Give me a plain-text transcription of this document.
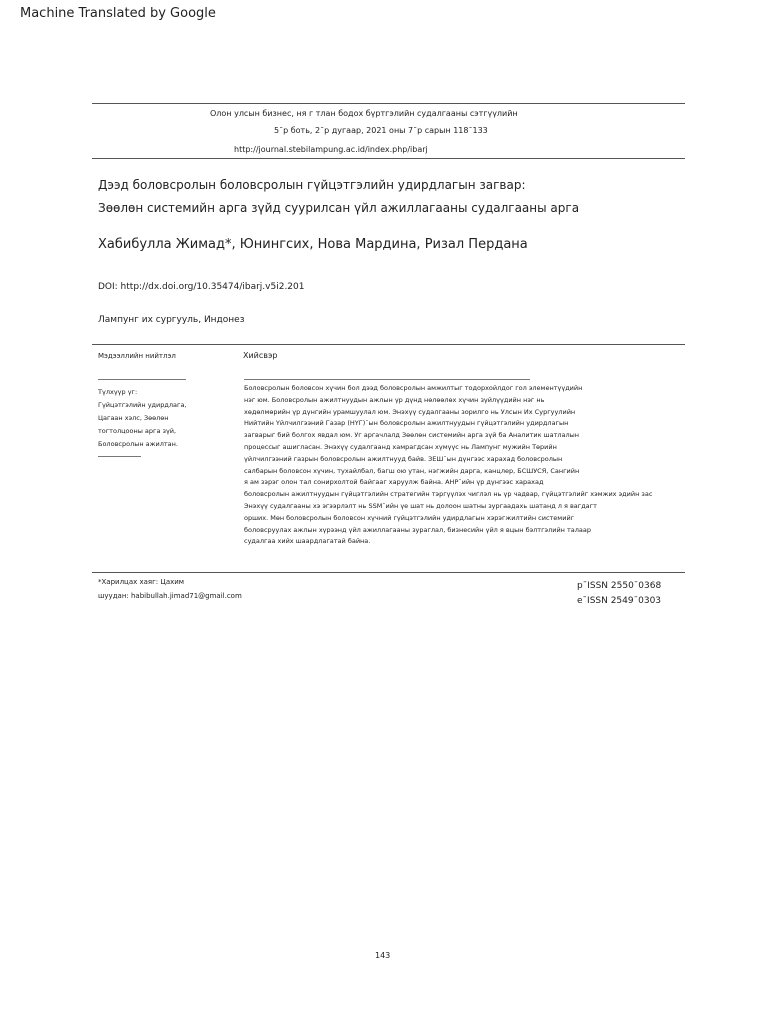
Machine Translated by Google
Олон улсын бизнес, ня г тлан бодох бүртгэлийн судалгааны сэтгүүлийн
5¯р боть, 2¯р дугаар, 2021 оны 7¯р сарын 118¯133
http://journal.stebilampung.ac.id/index.php/ibarj
Дээд боловсролын боловсролын гүйцэтгэлийн удирдлагын загвар:
Зөөлөн системийн арга зүйд суурилсан үйл ажиллагааны судалгааны арга
Хабибулла Жимад*, Юнингсих, Нова Мардина, Ризал Пердана
DOI: http://dx.doi.org/10.35474/ibarj.v5i2.201
Лампунг их сургууль, Индонез
Мэдээллийн нийтлэл	Хийсвэр
Түлхүүр үг:
Гүйцэтгэлийн удирдлага,
Цагаан хэлс, Зөөлөн
тогтолцооны арга зүй,
Боловсролын ажилтан.
Боловсролын боловсон хүчин бол дээд боловсролын амжилтыг тодорхойлдог гол элементүүдийн
нэг юм. Боловсролын ажилтнуудын ажлын үр дүнд нөлөөлөх хүчин зүйлүүдийн нэг нь
хөдөлмөрийн үр дүнгийн урамшуулал юм. Энэхүү судалгааны зорилго нь Улсын Их Сургуулийн
Нийтийн Үйлчилгээний Газар (НҮГ)¯ын боловсролын ажилтнуудын гүйцэтгэлийн удирдлагын
загварыг бий болгох явдал юм. Уг аргачлалд Зөөлөн системийн арга зүй ба Аналитик шатлалын
процессыг ашигласан. Энэхүү судалгаанд хамрагдсан хүмүүс нь Лампунг мужийн Төрийн
үйлчилгээний газрын боловсролын ажилтнууд байв. ЗЕШ¯ын дүнгээс харахад боловсролын
салбарын боловсон хүчин, тухайлбал, багш ою утан, нэгжийн дарга, канцлер, БСШУСЯ, Сангийн
я ам зэрэг олон тал сонирхолтой байгааг харуулж байна. AHP¯ийн үр дүнгээс харахад
боловсролын ажилтнуудын гүйцэтгэлийн стратегийн тэргүүлэх чиглэл нь үр чадвар, гүйцэтгэлийг хэмжих эдийн зас
Энэхүү судалгааны хэ эгээрлэлт нь SSM¯ийн үе шат нь долоон шатны зургаадахь шатанд л я вагдагт
орших. Мөн боловсролын боловсон хүчний гүйцэтгэлийн удирдлагын хэрэгжилтийн системийг
боловсруулах ажлын хүрээнд үйл ажиллагааны зураглал, бизнесийн үйл я вцын бэлтгэлийн талаар
судалгаа хийх шаардлагатай байна.
*Харилцах хаяг: Цахим
шуудан: habibullah.jimad71@gmail.com
p¯ISSN 2550¯0368
e¯ISSN 2549¯0303
143
